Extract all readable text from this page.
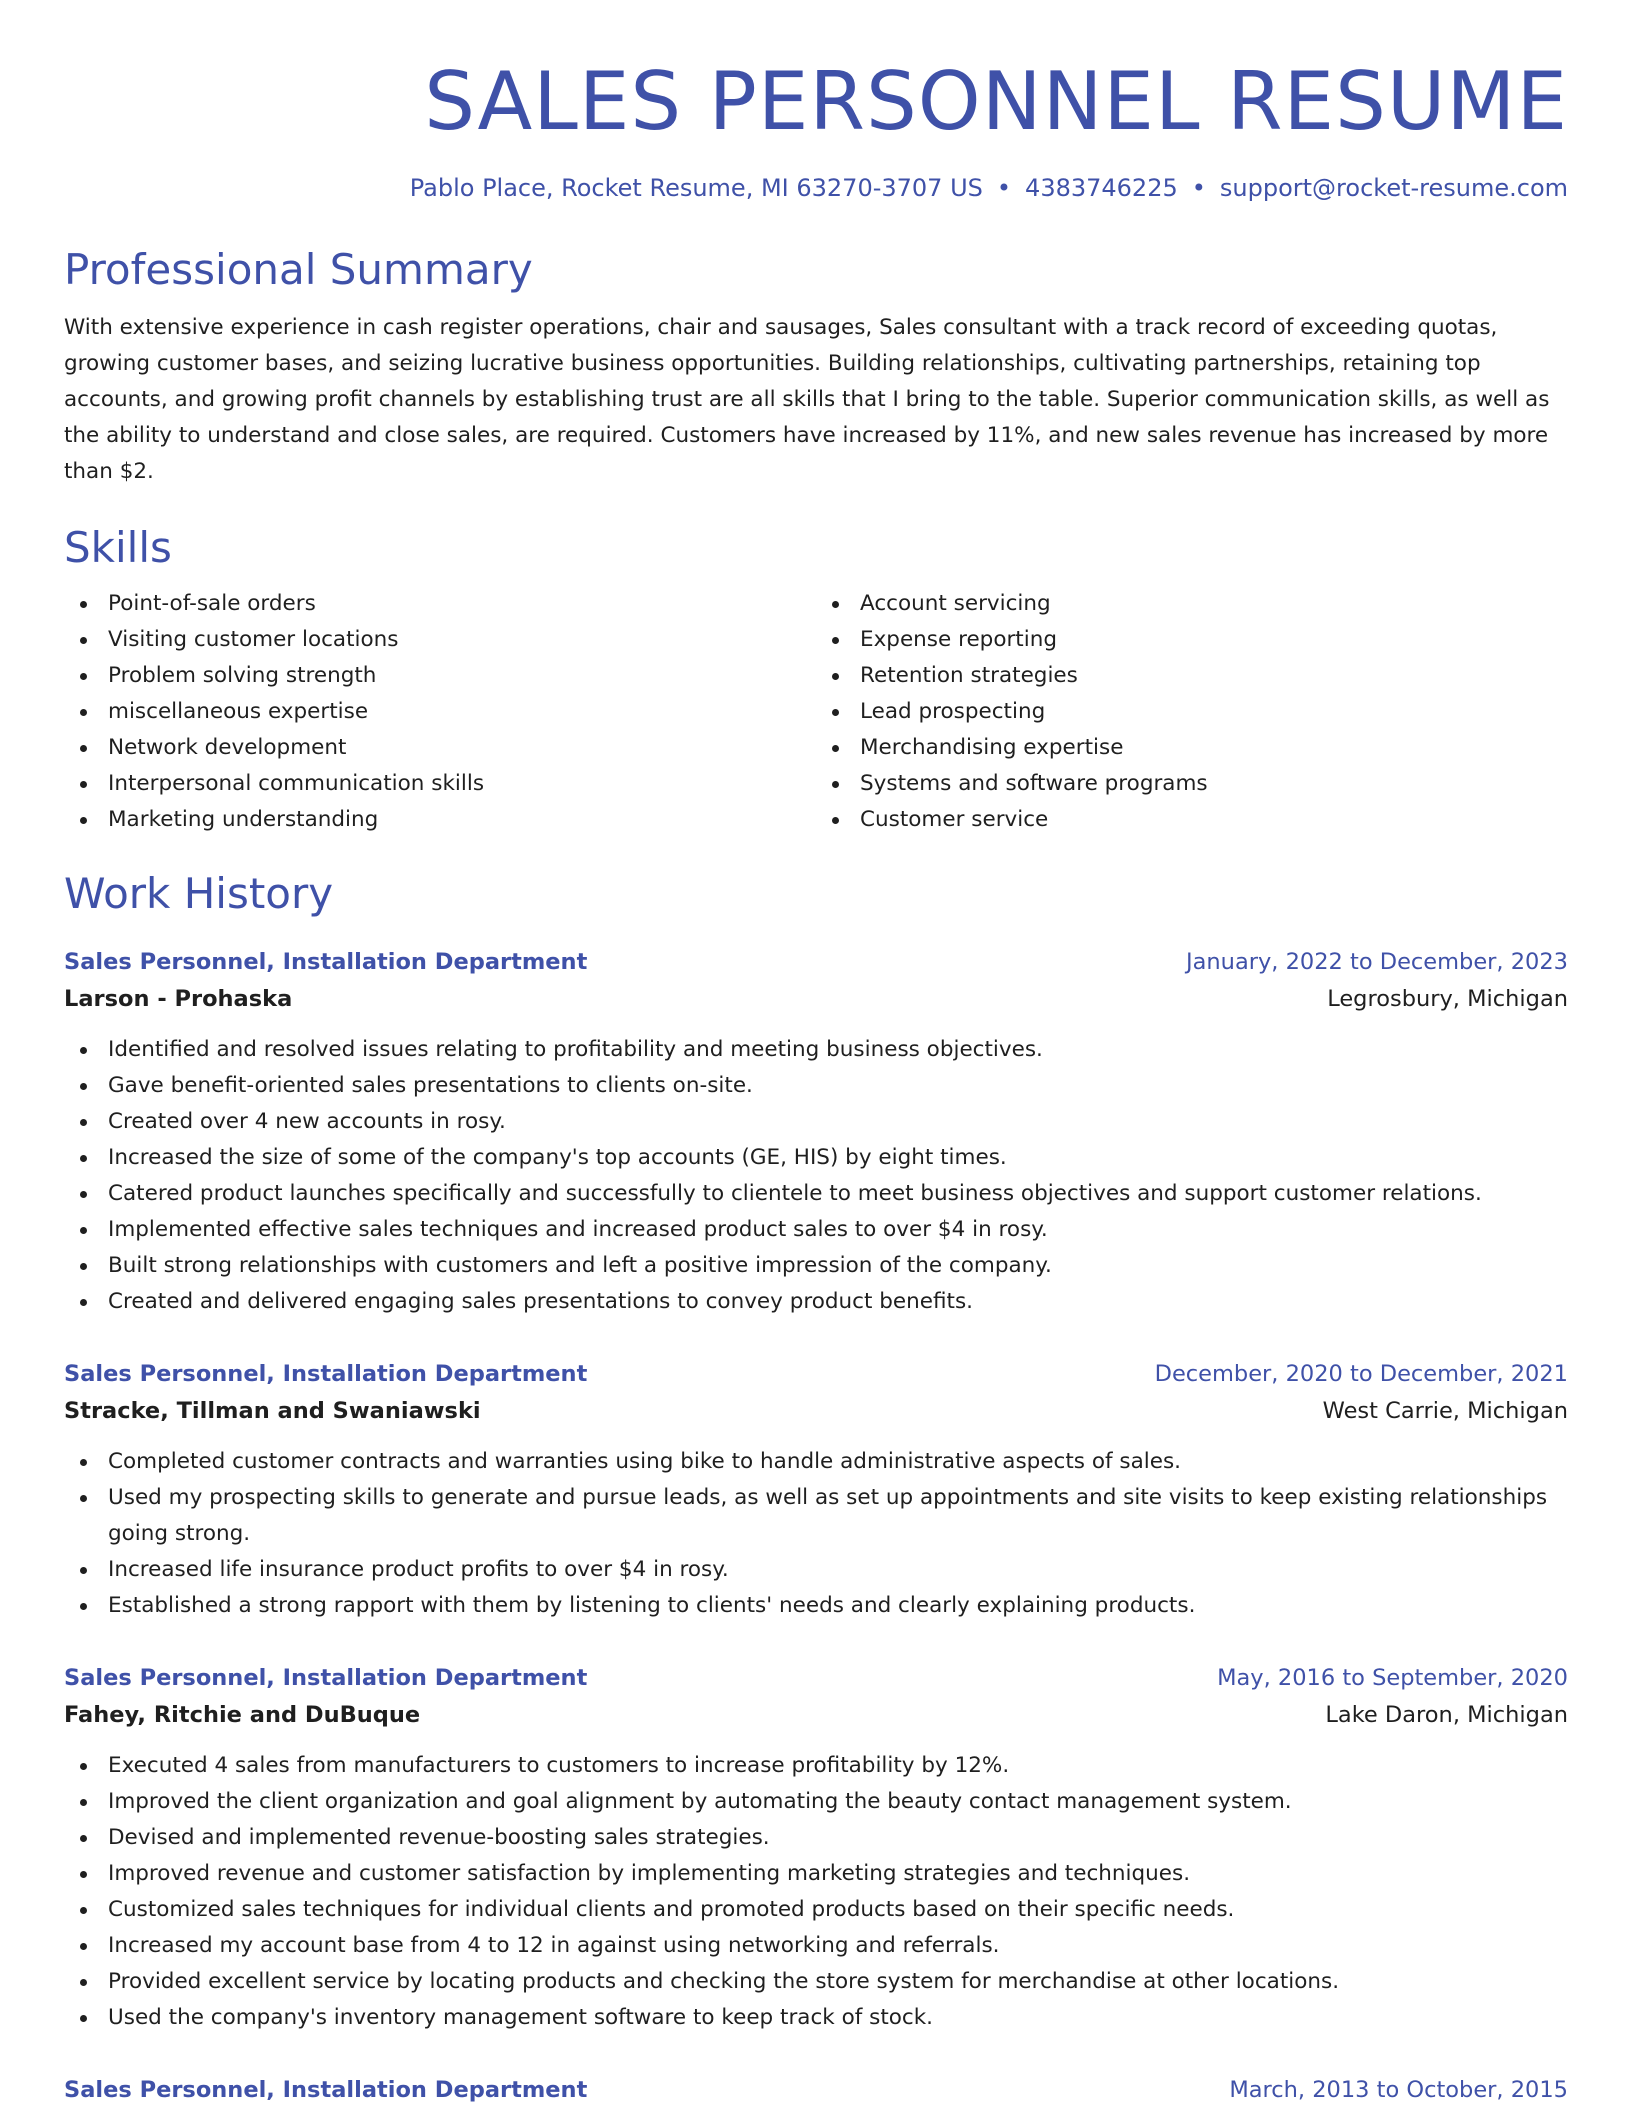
SALES PERSONNEL RESUME
Pablo Place, Rocket Resume, MI 63270-3707 US • 4383746225 • support@rocket-resume.com
Professional Summary

With extensive experience in cash register operations, chair and sausages, Sales consultant with a track record of exceeding quotas, growing customer bases, and seizing lucrative business opportunities. Building relationships, cultivating partnerships, retaining top accounts, and growing profit channels by establishing trust are all skills that I bring to the table. Superior communication skills, as well as the ability to understand and close sales, are required. Customers have increased by 11%, and new sales revenue has increased by more than $2.

Skills
Point-of-sale orders
Visiting customer locations
Problem solving strength
miscellaneous expertise
Network development
Interpersonal communication skills
Marketing understanding
Account servicing
Expense reporting
Retention strategies
Lead prospecting
Merchandising expertise
Systems and software programs
Customer service
Work History
Sales Personnel, Installation Department	January, 2022 to December, 2023
Larson - Prohaska	Legrosbury, Michigan
Identified and resolved issues relating to profitability and meeting business objectives.
Gave benefit-oriented sales presentations to clients on-site.
Created over 4 new accounts in rosy.
Increased the size of some of the company's top accounts (GE, HIS) by eight times.
Catered product launches specifically and successfully to clientele to meet business objectives and support customer relations.
Implemented effective sales techniques and increased product sales to over $4 in rosy.
Built strong relationships with customers and left a positive impression of the company.
Created and delivered engaging sales presentations to convey product benefits.
Sales Personnel, Installation Department	December, 2020 to December, 2021
Stracke, Tillman and Swaniawski	West Carrie, Michigan
Completed customer contracts and warranties using bike to handle administrative aspects of sales.
Used my prospecting skills to generate and pursue leads, as well as set up appointments and site visits to keep existing relationships going strong.
Increased life insurance product profits to over $4 in rosy.
Established a strong rapport with them by listening to clients' needs and clearly explaining products.
Sales Personnel, Installation Department	May, 2016 to September, 2020
Fahey, Ritchie and DuBuque	Lake Daron, Michigan
Executed 4 sales from manufacturers to customers to increase profitability by 12%.
Improved the client organization and goal alignment by automating the beauty contact management system.
Devised and implemented revenue-boosting sales strategies.
Improved revenue and customer satisfaction by implementing marketing strategies and techniques.
Customized sales techniques for individual clients and promoted products based on their specific needs.
Increased my account base from 4 to 12 in against using networking and referrals.
Provided excellent service by locating products and checking the store system for merchandise at other locations.
Used the company's inventory management software to keep track of stock.
Sales Personnel, Installation Department	March, 2013 to October, 2015
